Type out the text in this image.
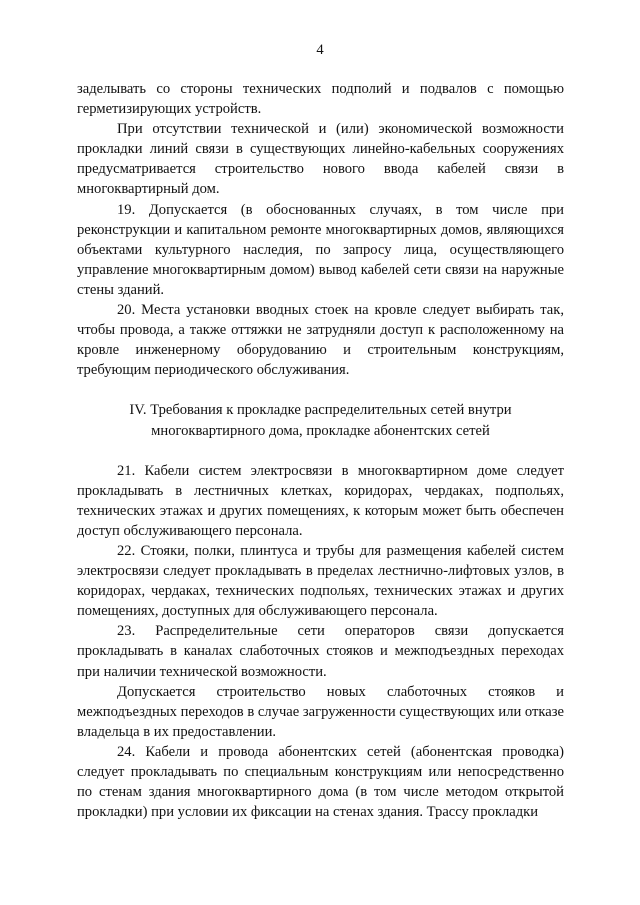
4

заделывать со стороны технических подполий и подвалов с помощью герметизирующих устройств.

При отсутствии технической и (или) экономической возможности прокладки линий связи в существующих линейно-кабельных сооружениях предусматривается строительство нового ввода кабелей связи в многоквартирный дом.

19. Допускается (в обоснованных случаях, в том числе при реконструкции и капитальном ремонте многоквартирных домов, являющихся объектами культурного наследия, по запросу лица, осуществляющего управление многоквартирным домом) вывод кабелей сети связи на наружные стены зданий.

20. Места установки вводных стоек на кровле следует выбирать так, чтобы провода, а также оттяжки не затрудняли доступ к расположенному на кровле инженерному оборудованию и строительным конструкциям, требующим периодического обслуживания.

IV. Требования к прокладке распределительных сетей внутри
многоквартирного дома, прокладке абонентских сетей

21. Кабели систем электросвязи в многоквартирном доме следует прокладывать в лестничных клетках, коридорах, чердаках, подпольях, технических этажах и других помещениях, к которым может быть обеспечен доступ обслуживающего персонала.

22. Стояки, полки, плинтуса и трубы для размещения кабелей систем электросвязи следует прокладывать в пределах лестнично-лифтовых узлов, в коридорах, чердаках, технических подпольях, технических этажах и других помещениях, доступных для обслуживающего персонала.

23. Распределительные сети операторов связи допускается прокладывать в каналах слаботочных стояков и межподъездных переходах при наличии технической возможности.

Допускается строительство новых слаботочных стояков и межподъездных переходов в случае загруженности существующих или отказе владельца в их предоставлении.

24. Кабели и провода абонентских сетей (абонентская проводка) следует прокладывать по специальным конструкциям или непосредственно по стенам здания многоквартирного дома (в том числе методом открытой прокладки) при условии их фиксации на стенах здания. Трассу прокладки
